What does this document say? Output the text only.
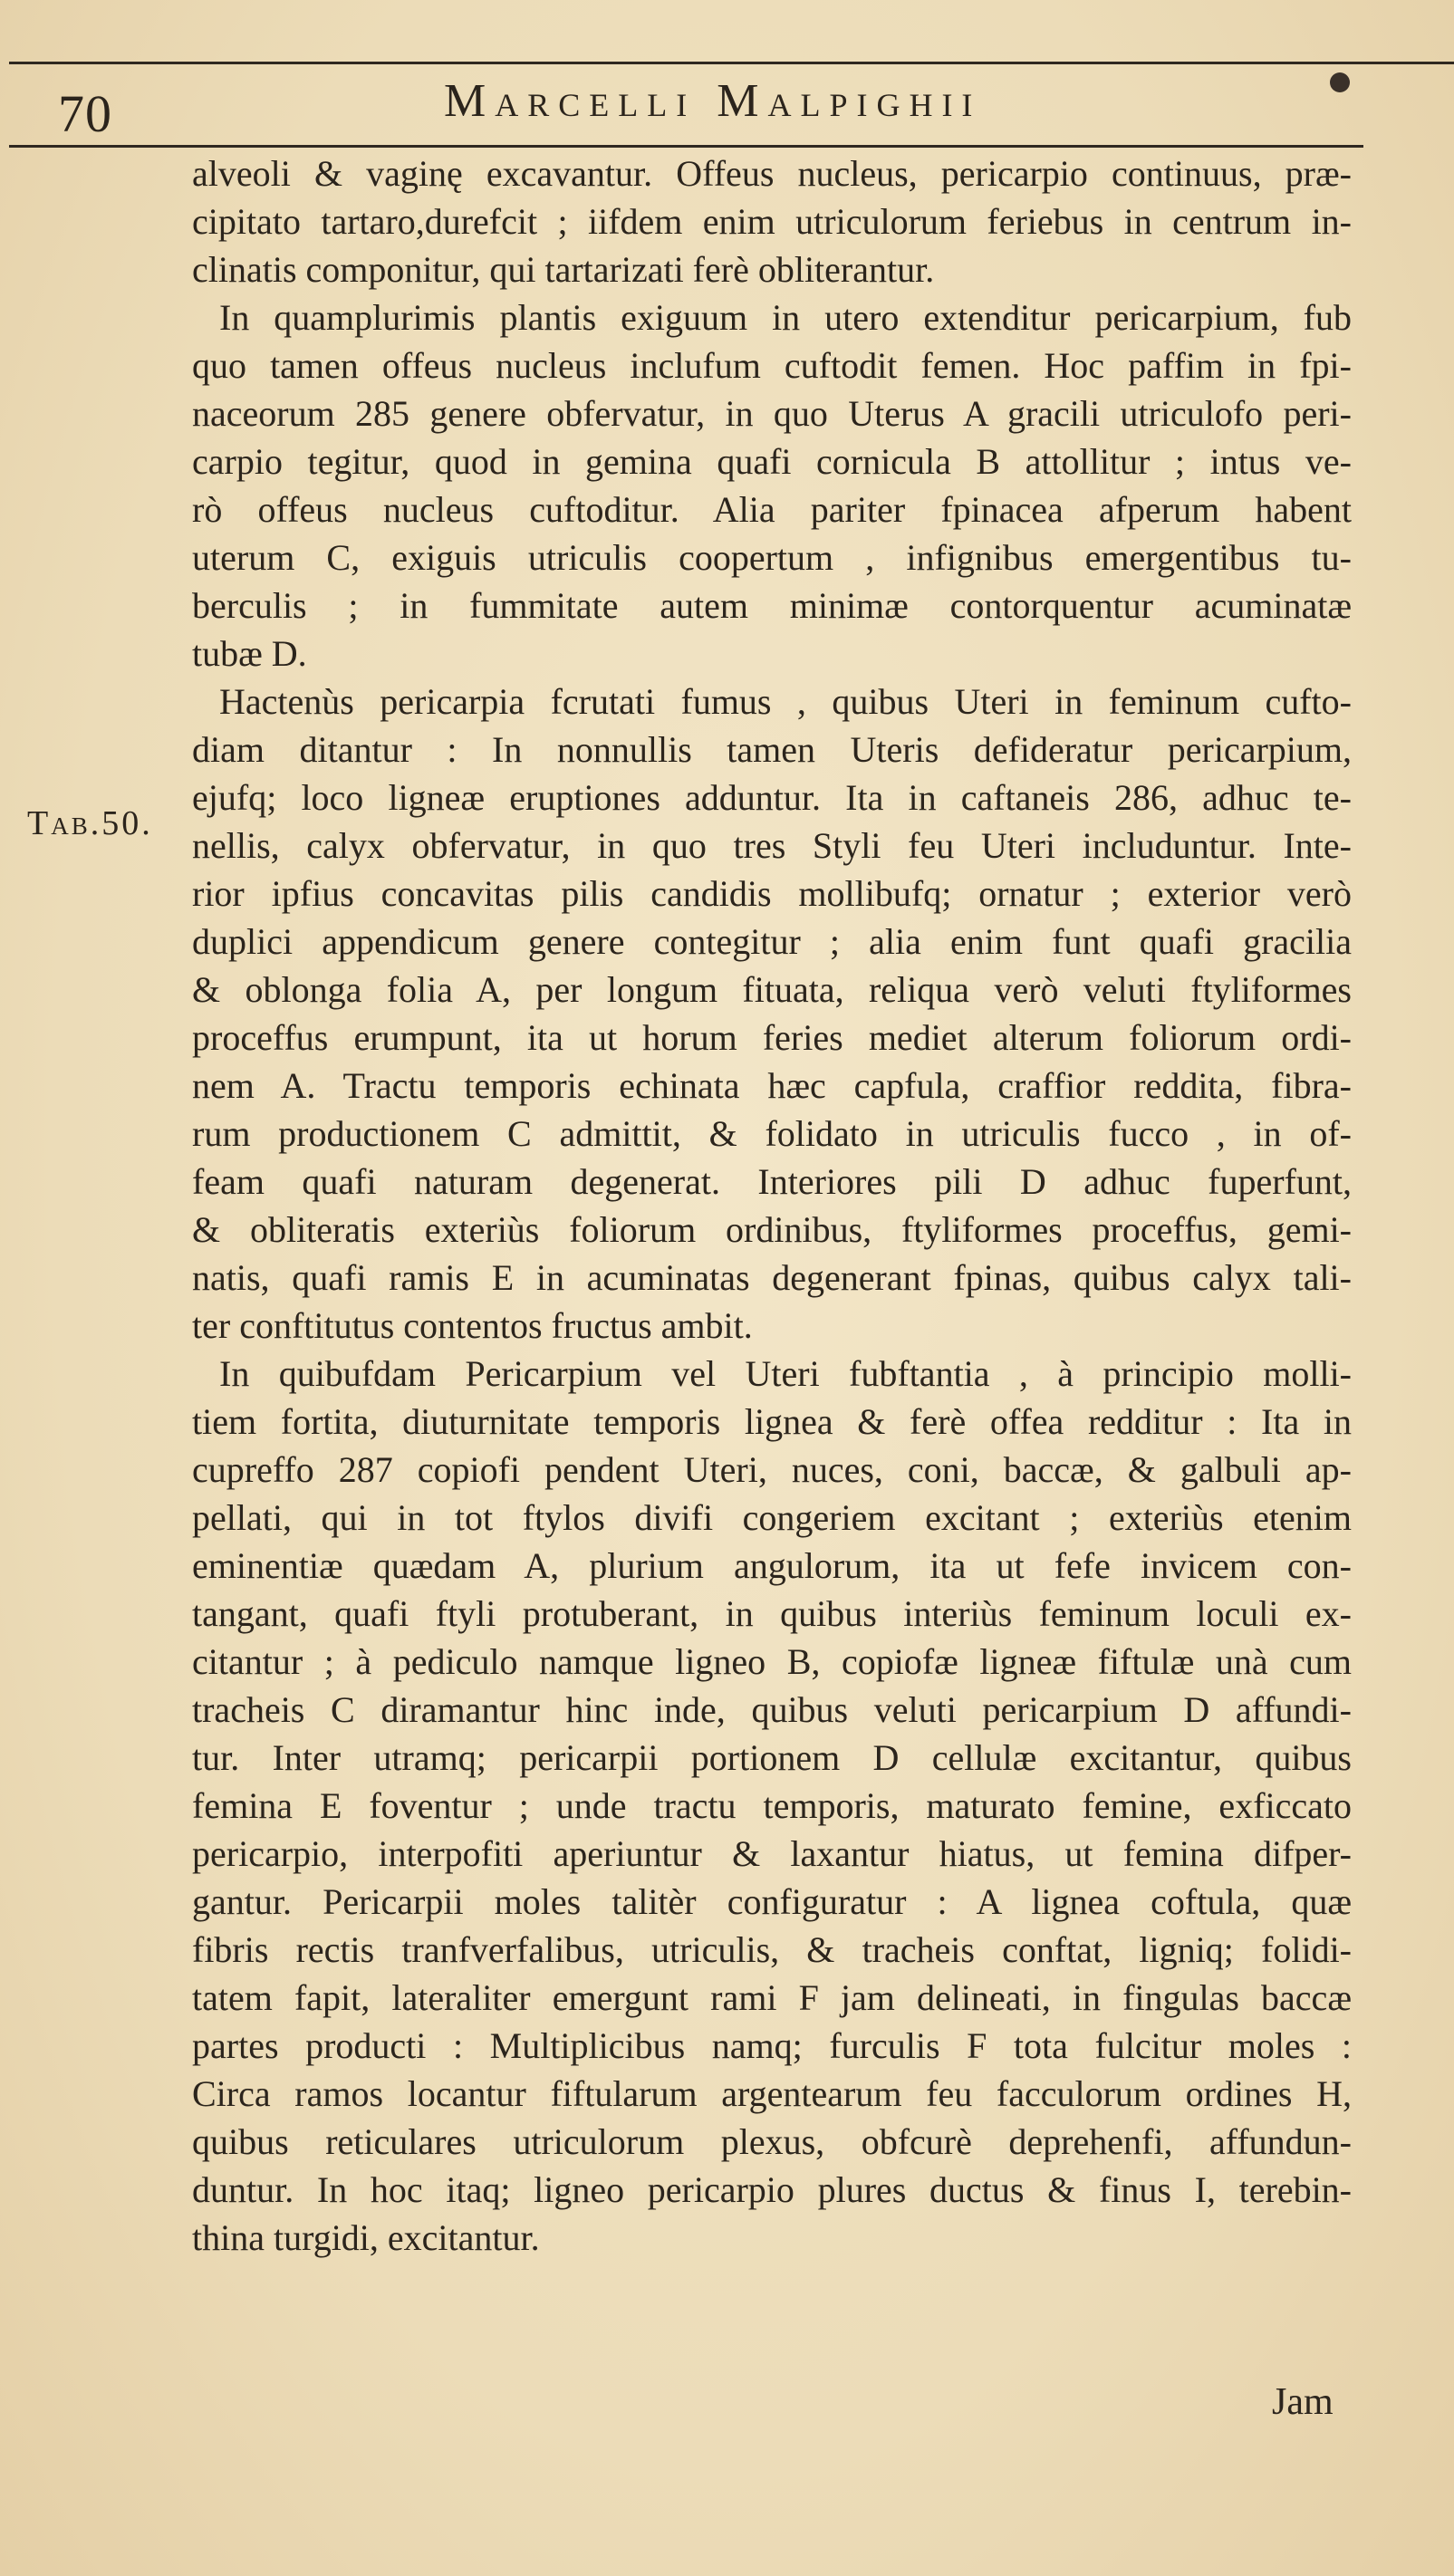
70	Marcelli Malpighii
Tab.50.
alveoli & vaginę excavantur. Offeus nucleus, pericarpio continuus, præ-
cipitato tartaro,durefcit ; iifdem enim utriculorum feriebus in centrum in-
clinatis componitur, qui tartarizati ferè obliterantur.
In quamplurimis plantis exiguum in utero extenditur pericarpium, fub
quo tamen offeus nucleus inclufum cuftodit femen. Hoc paffim in fpi-
naceorum 285 genere obfervatur, in quo Uterus A gracili utriculofo peri-
carpio tegitur, quod in gemina quafi cornicula B attollitur ; intus ve-
rò offeus nucleus cuftoditur. Alia pariter fpinacea afperum habent
uterum C, exiguis utriculis coopertum , infignibus emergentibus tu-
berculis ; in fummitate autem minimæ contorquentur acuminatæ
tubæ D.
Hactenùs pericarpia fcrutati fumus , quibus Uteri in feminum cufto-
diam ditantur : In nonnullis tamen Uteris defideratur pericarpium,
ejufq; loco ligneæ eruptiones adduntur. Ita in caftaneis 286, adhuc te-
nellis, calyx obfervatur, in quo tres Styli feu Uteri includuntur. Inte-
rior ipfius concavitas pilis candidis mollibufq; ornatur ; exterior verò
duplici appendicum genere contegitur ; alia enim funt quafi gracilia
& oblonga folia A, per longum fituata, reliqua verò veluti ftyliformes
proceffus erumpunt, ita ut horum feries mediet alterum foliorum ordi-
nem A. Tractu temporis echinata hæc capfula, craffior reddita, fibra-
rum productionem C admittit, & folidato in utriculis fucco , in of-
feam quafi naturam degenerat. Interiores pili D adhuc fuperfunt,
& obliteratis exteriùs foliorum ordinibus, ftyliformes proceffus, gemi-
natis, quafi ramis E in acuminatas degenerant fpinas, quibus calyx tali-
ter conftitutus contentos fructus ambit.
In quibufdam Pericarpium vel Uteri fubftantia , à principio molli-
tiem fortita, diuturnitate temporis lignea & ferè offea redditur : Ita in
cupreffo 287 copiofi pendent Uteri, nuces, coni, baccæ, & galbuli ap-
pellati, qui in tot ftylos divifi congeriem excitant ; exteriùs etenim
eminentiæ quædam A, plurium angulorum, ita ut fefe invicem con-
tangant, quafi ftyli protuberant, in quibus interiùs feminum loculi ex-
citantur ; à pediculo namque ligneo B, copiofæ ligneæ fiftulæ unà cum
tracheis C diramantur hinc inde, quibus veluti pericarpium D affundi-
tur. Inter utramq; pericarpii portionem D cellulæ excitantur, quibus
femina E foventur ; unde tractu temporis, maturato femine, exficcato
pericarpio, interpofiti aperiuntur & laxantur hiatus, ut femina difper-
gantur. Pericarpii moles talitèr configuratur : A lignea coftula, quæ
fibris rectis tranfverfalibus, utriculis, & tracheis conftat, ligniq; folidi-
tatem fapit, lateraliter emergunt rami F jam delineati, in fingulas baccæ
partes producti : Multiplicibus namq; furculis F tota fulcitur moles :
Circa ramos locantur fiftularum argentearum feu facculorum ordines H,
quibus reticulares utriculorum plexus, obfcurè deprehenfi, affundun-
duntur. In hoc itaq; ligneo pericarpio plures ductus & finus I, terebin-
thina turgidi, excitantur.
Jam
